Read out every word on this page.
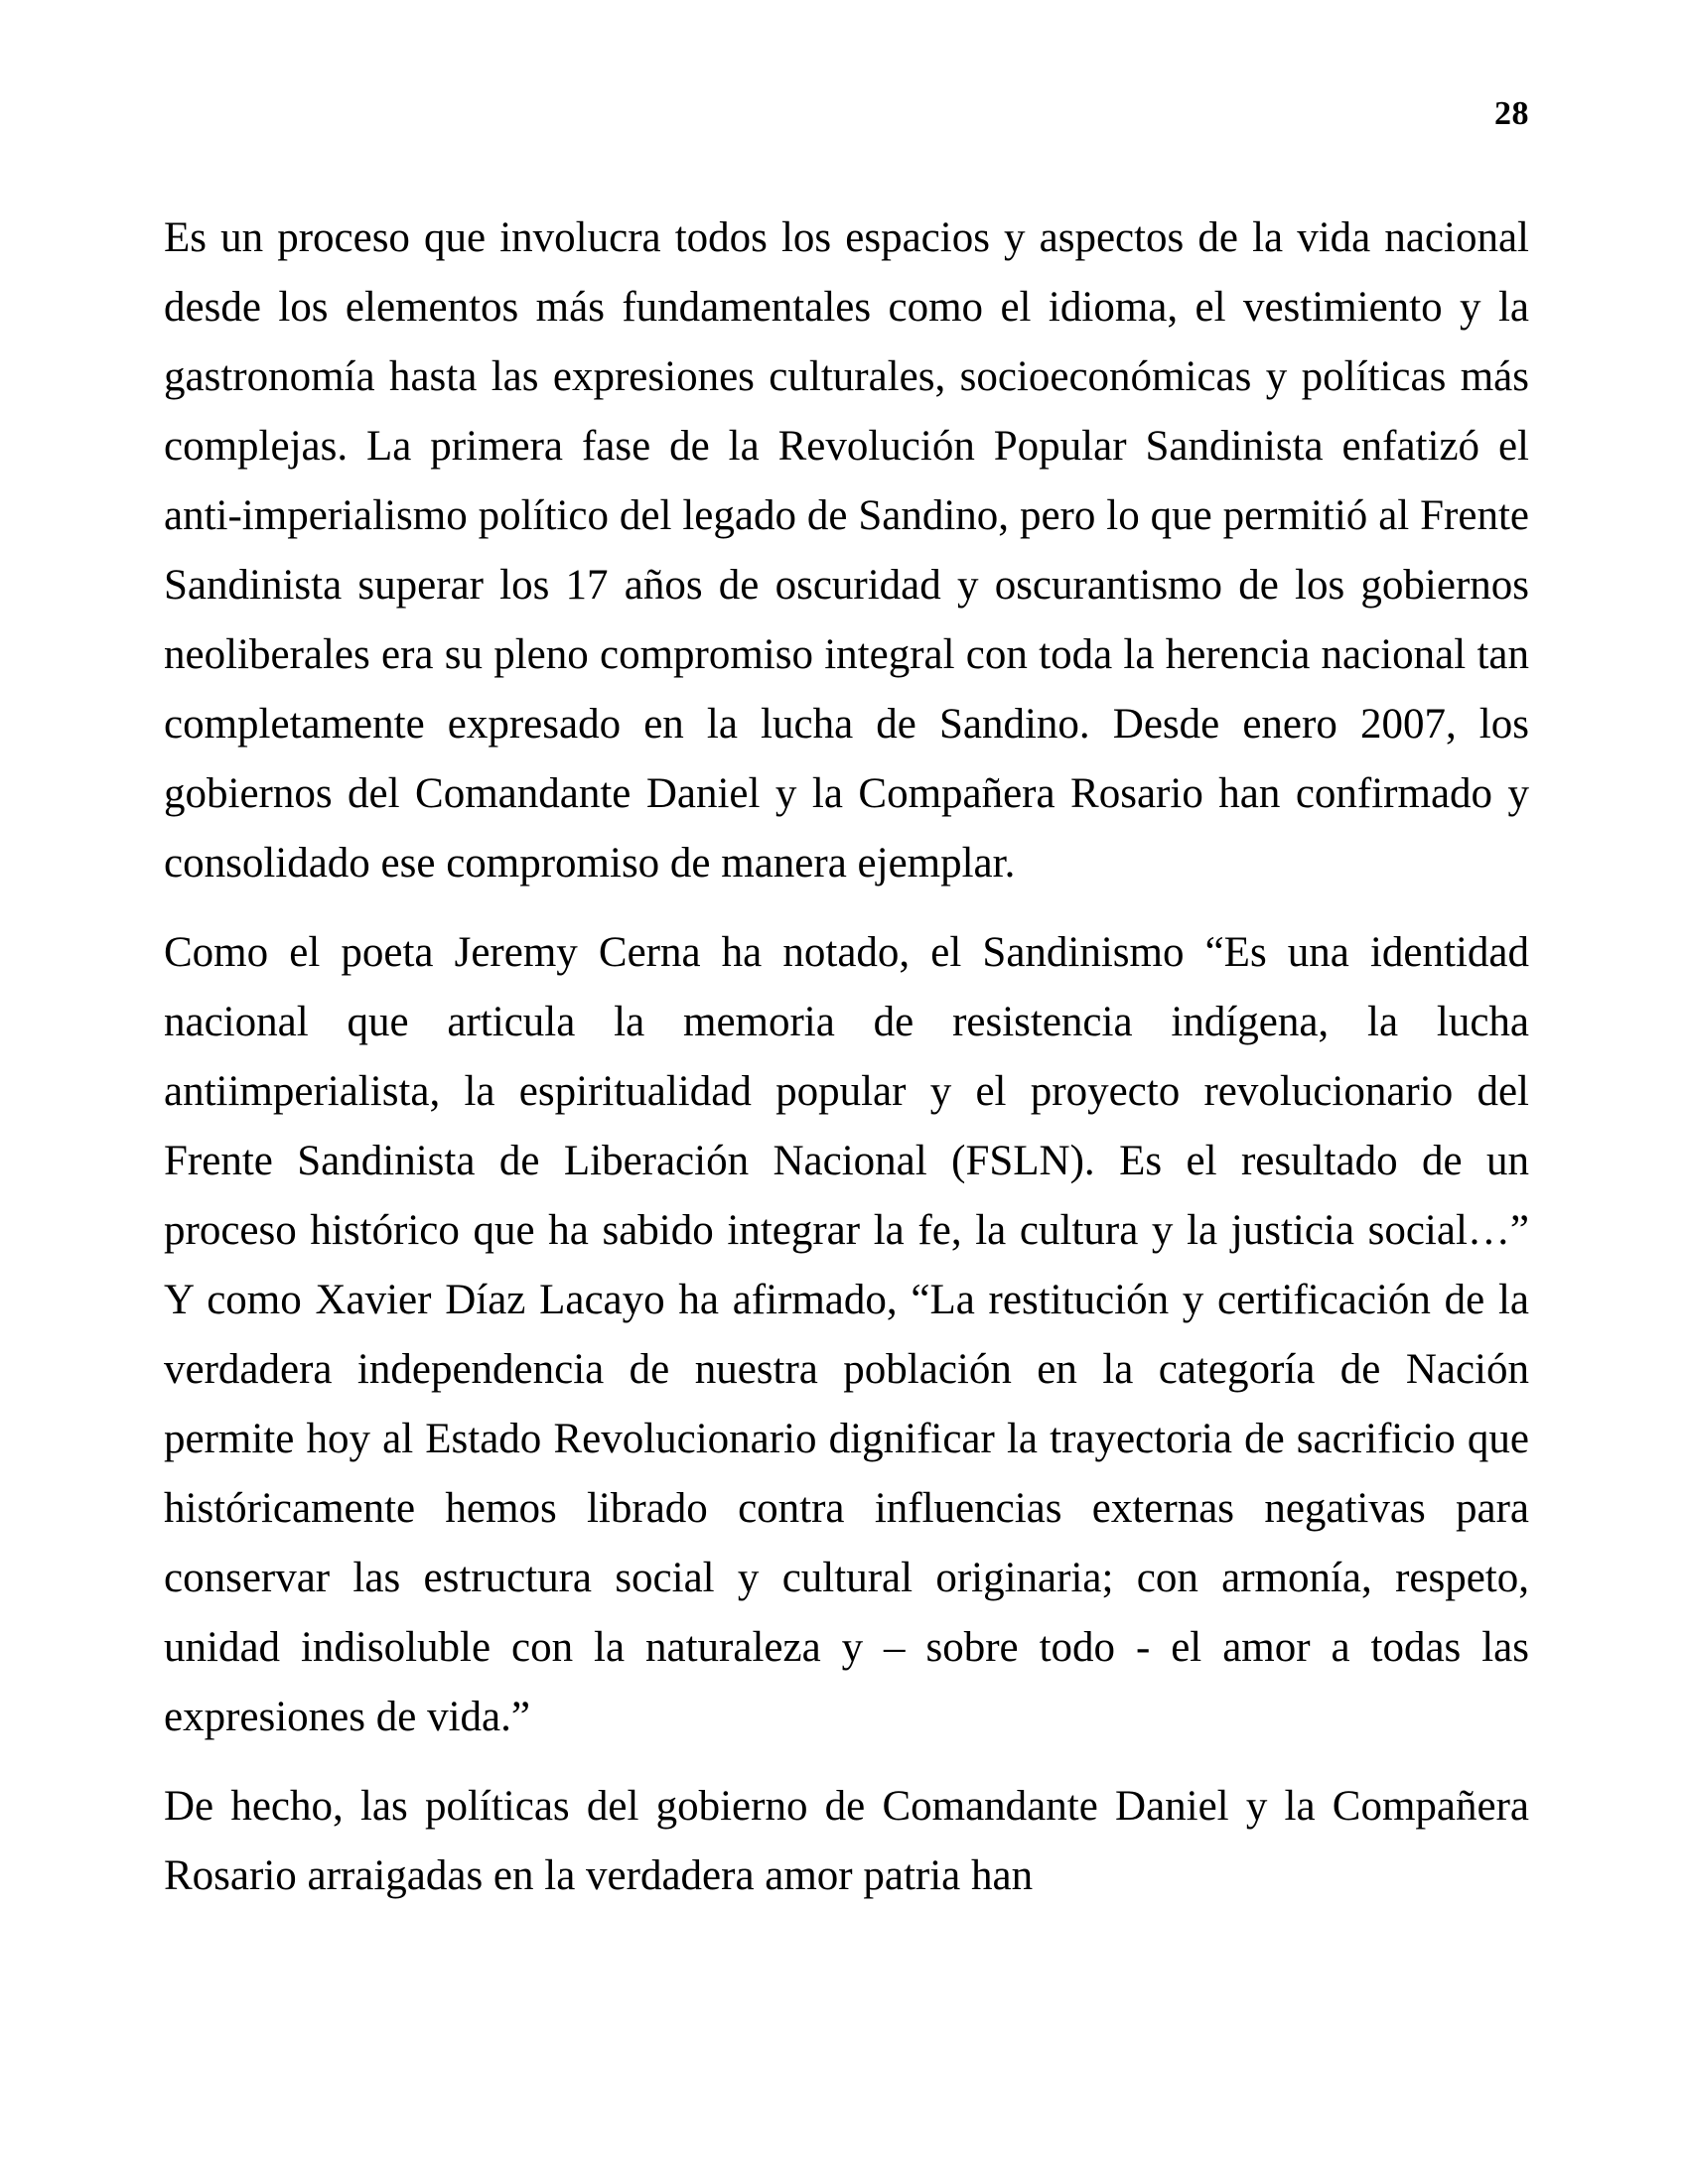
28

Es un proceso que involucra todos los espacios y aspectos de la vida nacional desde los elementos más fundamentales como el idioma, el vestimiento y la gastronomía hasta las expresiones culturales, socioeconómicas y políticas más complejas. La primera fase de la Revolución Popular Sandinista enfatizó el anti-imperialismo político del legado de Sandino, pero lo que permitió al Frente Sandinista superar los 17 años de oscuridad y oscurantismo de los gobiernos neoliberales era su pleno compromiso integral con toda la herencia nacional tan completamente expresado en la lucha de Sandino. Desde enero 2007, los gobiernos del Comandante Daniel y la Compañera Rosario han confirmado y consolidado ese compromiso de manera ejemplar.

Como el poeta Jeremy Cerna ha notado, el Sandinismo “Es una identidad nacional que articula la memoria de resistencia indígena, la lucha antiimperialista, la espiritualidad popular y el proyecto revolucionario del Frente Sandinista de Liberación Nacional (FSLN). Es el resultado de un proceso histórico que ha sabido integrar la fe, la cultura y la justicia social…” Y como Xavier Díaz Lacayo ha afirmado, “La restitución y certificación de la verdadera independencia de nuestra población en la categoría de Nación permite hoy al Estado Revolucionario dignificar la trayectoria de sacrificio que históricamente hemos librado contra influencias externas negativas para conservar las estructura social y cultural originaria; con armonía, respeto, unidad indisoluble con la naturaleza y – sobre todo - el amor a todas las expresiones de vida.”

De hecho, las políticas del gobierno de Comandante Daniel y la Compañera Rosario arraigadas en la verdadera amor patria han
